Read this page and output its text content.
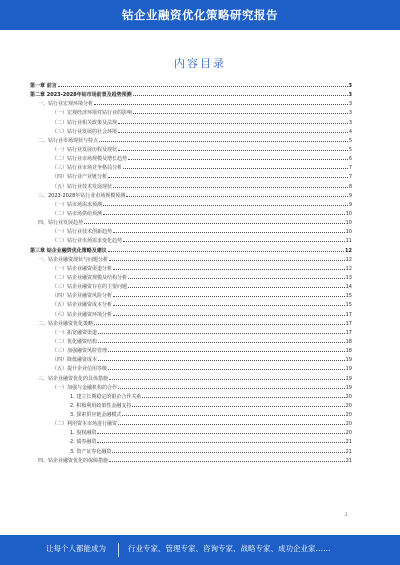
钴企业融资优化策略研究报告
内容目录
第一章 前言	3
第二章 2023-2028年钴市场前景及趋势预测	3
一、钴行业宏观环境分析	3
（一）宏观经济环境对钴行业的影响	3
（二）钴行业相关政策及法规	3
（三）钴行业发展的社会环境	4
二、钴行业市场现状与特点	5
（一）钴行业发展历程及现状	5
（二）钴行业市场规模及增长趋势	6
（三）钴行业市场竞争格局分析	7
（四）钴行业产业链分析	7
（五）钴行业技术发展现状	8
三、2023-2028年钴行业市场规模预测	9
（一）钴市场需求预测	9
（二）钴市场供给预测	10
四、钴行业发展趋势	10
（一）钴行业技术创新趋势	10
（二）钴行业市场需求变化趋势	11
第三章 钴企业融资优化策略及建议	12
一、钴企业融资现状与问题分析	12
（一）钴企业融资渠道分析	12
（二）钴企业融资规模及结构分析	13
（三）钴企业融资存在的主要问题	14
（四）钴企业融资风险分析	15
（五）钴企业融资成本分析	15
（六）钴企业融资环境分析	17
二、钴企业融资优化策略	17
（一）拓宽融资渠道	17
（二）优化融资结构	18
（三）加强融资风险管理	18
（四）降低融资成本	19
（五）提升企业信用等级	19
三、钴企业融资优化的具体措施	19
（一）加强与金融机构的合作	19
1. 建立长期稳定的银企合作关系	20
2. 积极利用政策性金融支持	20
3. 探索供应链金融模式	20
（二）利用资本市场进行融资	20
1. 股权融资	20
2. 债券融资	21
3. 资产证券化融资	21
四、钴企业融资优化的保障措施	21
2
让每个人都能成为	行业专家、管理专家、咨询专家、战略专家、成功企业家……
